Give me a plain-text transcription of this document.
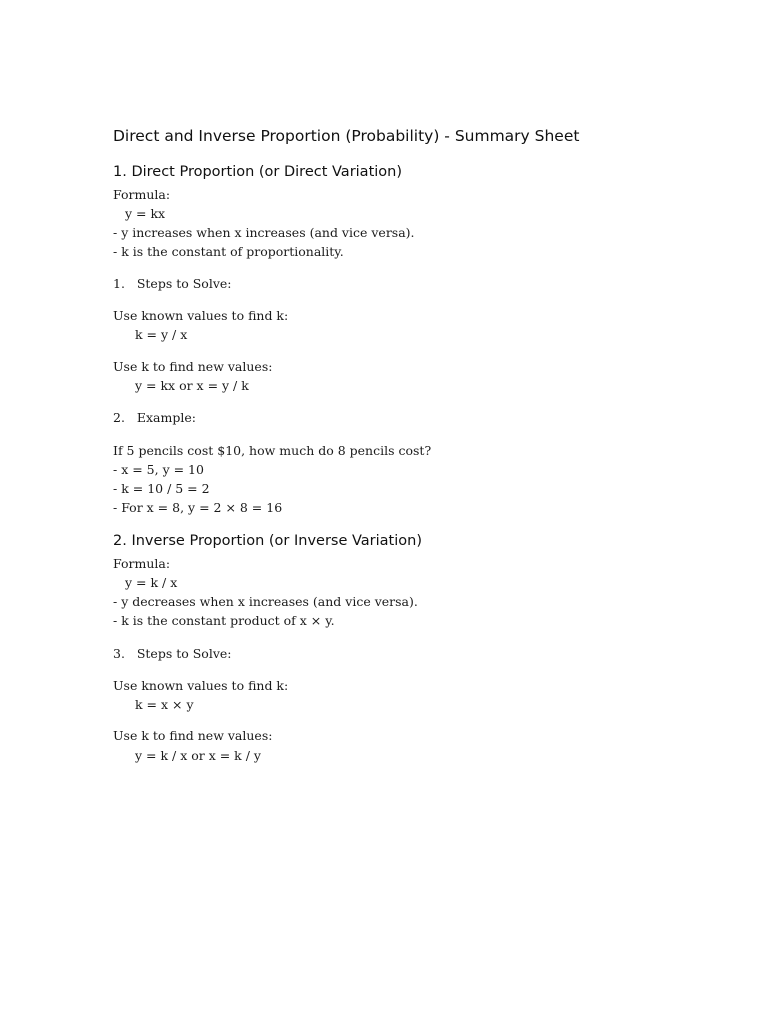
Direct and Inverse Proportion (Probability) - Summary Sheet
1. Direct Proportion (or Direct Variation)
Formula:
y = kx
- y increases when x increases (and vice versa).
- k is the constant of proportionality.
1.   Steps to Solve:
Use known values to find k:
k = y / x
Use k to find new values:
y = kx or x = y / k
2.   Example:
If 5 pencils cost $10, how much do 8 pencils cost?
- x = 5, y = 10
- k = 10 / 5 = 2
- For x = 8, y = 2 × 8 = 16
2. Inverse Proportion (or Inverse Variation)
Formula:
y = k / x
- y decreases when x increases (and vice versa).
- k is the constant product of x × y.
3.   Steps to Solve:
Use known values to find k:
k = x × y
Use k to find new values:
y = k / x or x = k / y
